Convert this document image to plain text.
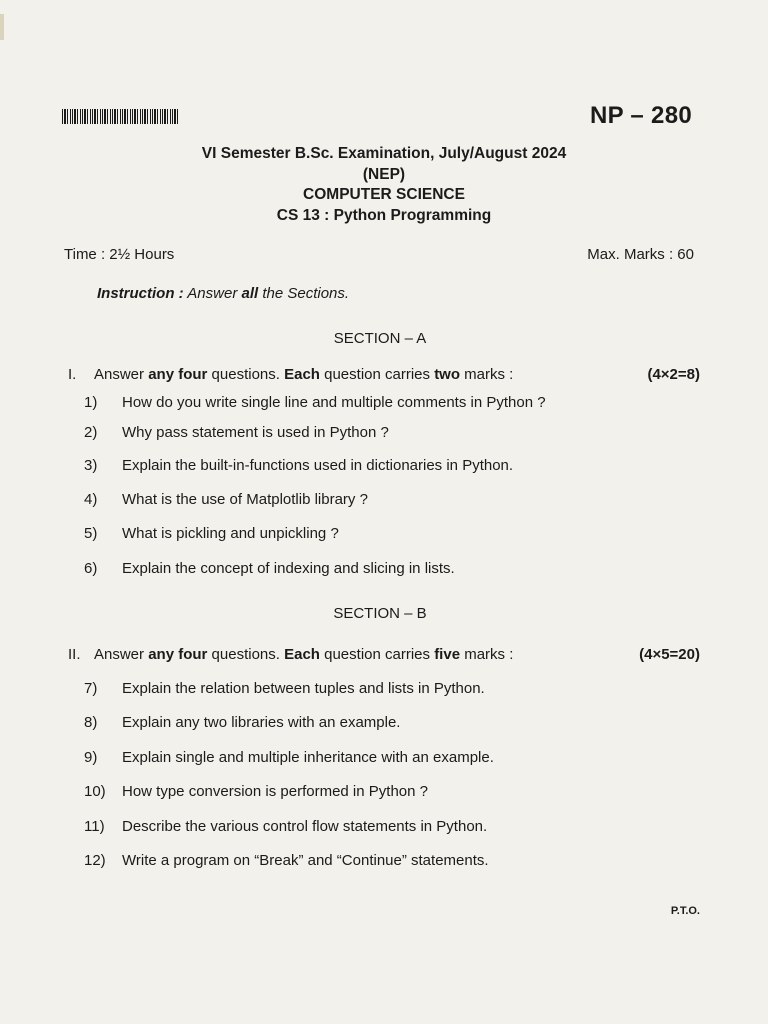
NP – 280
VI Semester B.Sc. Examination, July/August 2024
(NEP)
COMPUTER SCIENCE
CS 13 : Python Programming
Time : 2½ Hours	Max. Marks : 60
Instruction : Answer all the Sections.
SECTION – A
I. Answer any four questions. Each question carries two marks :	(4×2=8)
1) How do you write single line and multiple comments in Python ?
2) Why pass statement is used in Python ?
3) Explain the built-in-functions used in dictionaries in Python.
4) What is the use of Matplotlib library ?
5) What is pickling and unpickling ?
6) Explain the concept of indexing and slicing in lists.
SECTION – B
II. Answer any four questions. Each question carries five marks :	(4×5=20)
7) Explain the relation between tuples and lists in Python.
8) Explain any two libraries with an example.
9) Explain single and multiple inheritance with an example.
10) How type conversion is performed in Python ?
11) Describe the various control flow statements in Python.
12) Write a program on “Break” and “Continue” statements.
P.T.O.
